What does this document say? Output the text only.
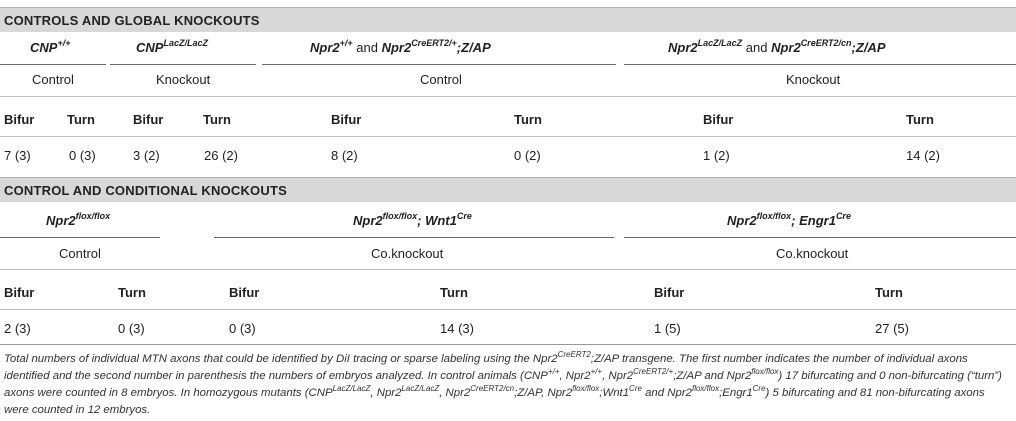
CONTROLS AND GLOBAL KNOCKOUTS
CNP+/+	$CNP^{LacZ/LacZ}$	Npr2+/+ and $Npr2^{CreERT2/+};Z/AP$	$Npr2^{LacZ/LacZ}$ and $Npr2^{CreERT2/cn};Z/AP$
Control	Knockout	Control	Knockout
Bifur	Turn	Bifur	Turn	Bifur	Turn	Bifur	Turn
7 (3)	0 (3)	3 (2)	26 (2)	8 (2)	0 (2)	1 (2)	14 (2)
CONTROL AND CONDITIONAL KNOCKOUTS
$Npr2^{flox/flox}$	$Npr2^{flox/flox}$; $Wnt1^{Cre}$	$Npr2^{flox/flox}$; $Engr1^{Cre}$
Control	Co.knockout	Co.knockout
Bifur	Turn	Bifur	Turn	Bifur	Turn
2 (3)	0 (3)	0 (3)	14 (3)	1 (5)	27 (5)
Total numbers of individual MTN axons that could be identified by DiI tracing or sparse labeling using the $Npr2^{CreERT2};Z/AP$ transgene. The first number indicates the number of individual axons identified and the second number in parenthesis the numbers of embryos analyzed. In control animals (CNP+/+, Npr2+/+, $Npr2^{CreERT2/+};Z/AP$ and $Npr2^{flox/flox}$) 17 bifurcating and 0 non-bifurcating (“turn”) axons were counted in 8 embryos. In homozygous mutants ($CNP^{LacZ/LacZ}$, $Npr2^{LacZ/LacZ}$, $Npr2^{CreERT2/cn};Z/AP$, $Npr2^{flox/flox};Wnt1^{Cre}$ and $Npr2^{flox/flox};Engr1^{Cre}$) 5 bifurcating and 81 non-bifurcating axons were counted in 12 embryos.
